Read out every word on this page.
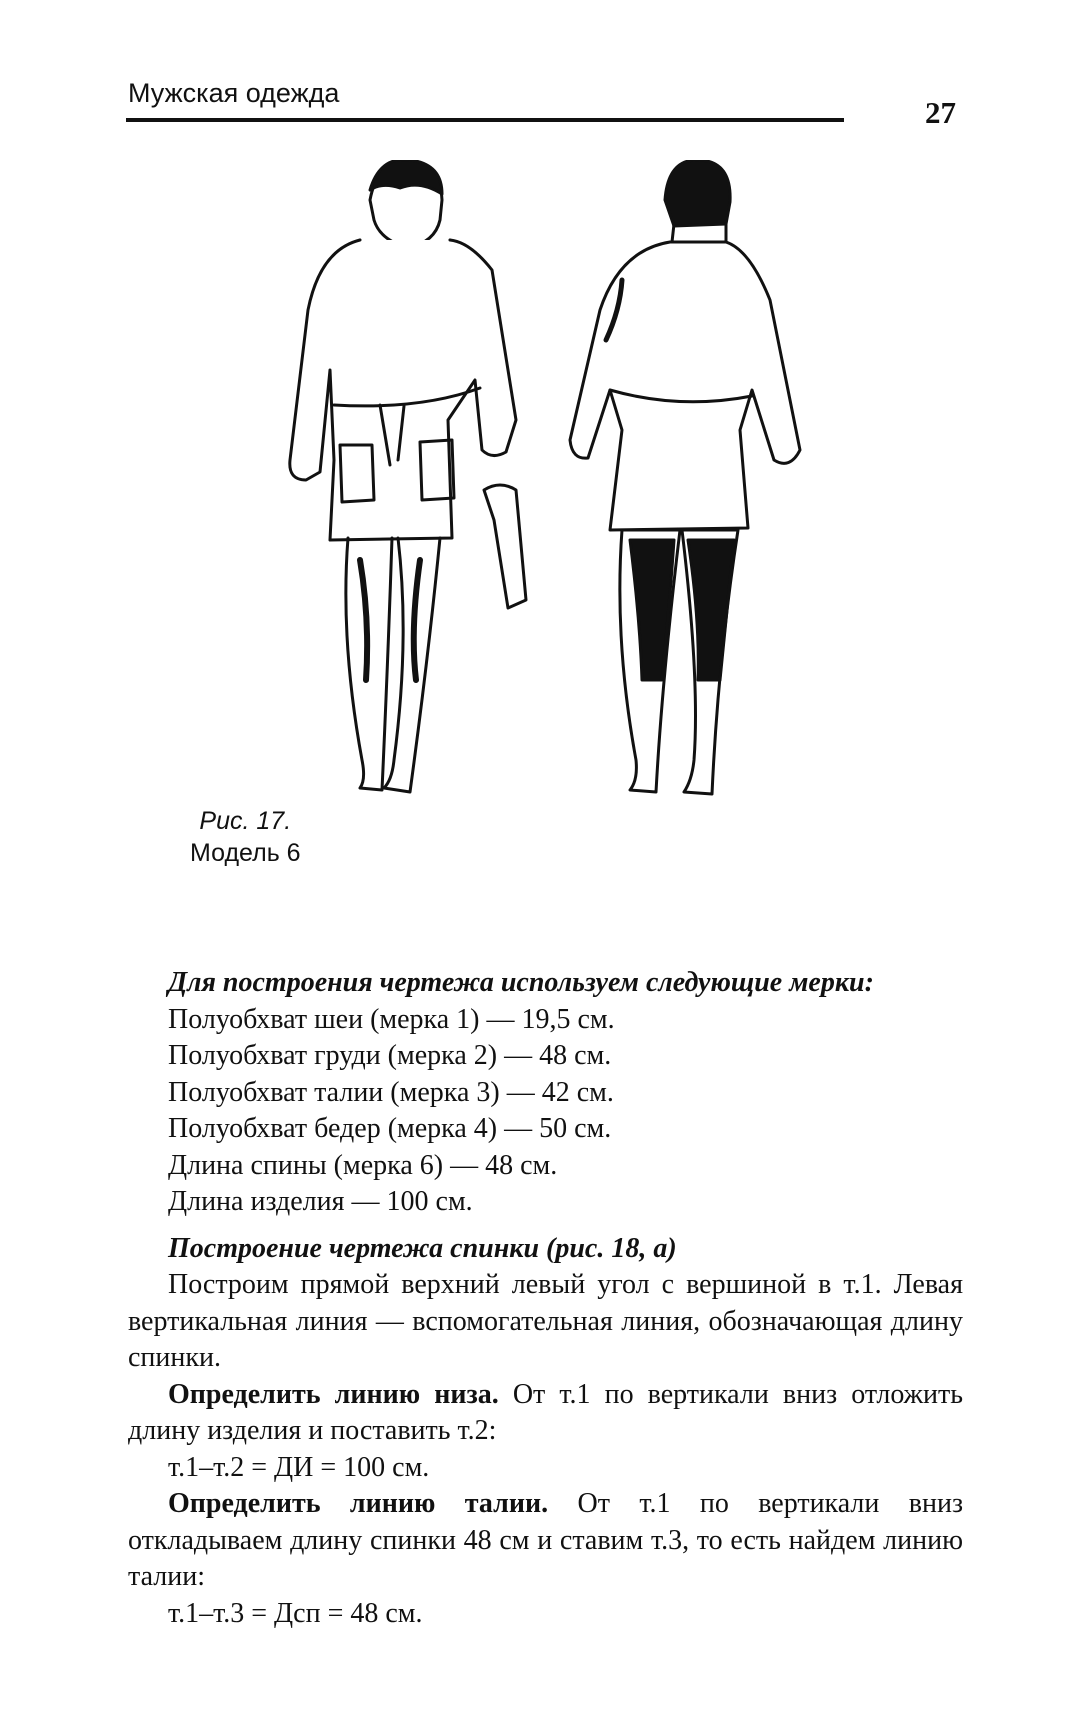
Мужская одежда
27
Рис. 17.
Модель 6

Для построения чертежа используем следующие мерки:

Полуобхват шеи (мерка 1) — 19,5 см.

Полуобхват груди (мерка 2) — 48 см.

Полуобхват талии (мерка 3) — 42 см.

Полуобхват бедер (мерка 4) — 50 см.

Длина спины (мерка 6) — 48 см.

Длина изделия — 100 см.

Построение чертежа спинки (рис. 18, а)

Построим прямой верхний левый угол с вершиной в т.1. Левая вертикальная линия — вспомогательная линия, обозначающая длину спинки.

Определить линию низа. От т.1 по вертикали вниз отложить длину изделия и поставить т.2:

т.1–т.2 = ДИ = 100 см.

Определить линию талии. От т.1 по вертикали вниз откладываем длину спинки 48 см и ставим т.3, то есть найдем линию талии:

т.1–т.3 = Дсп = 48 см.
